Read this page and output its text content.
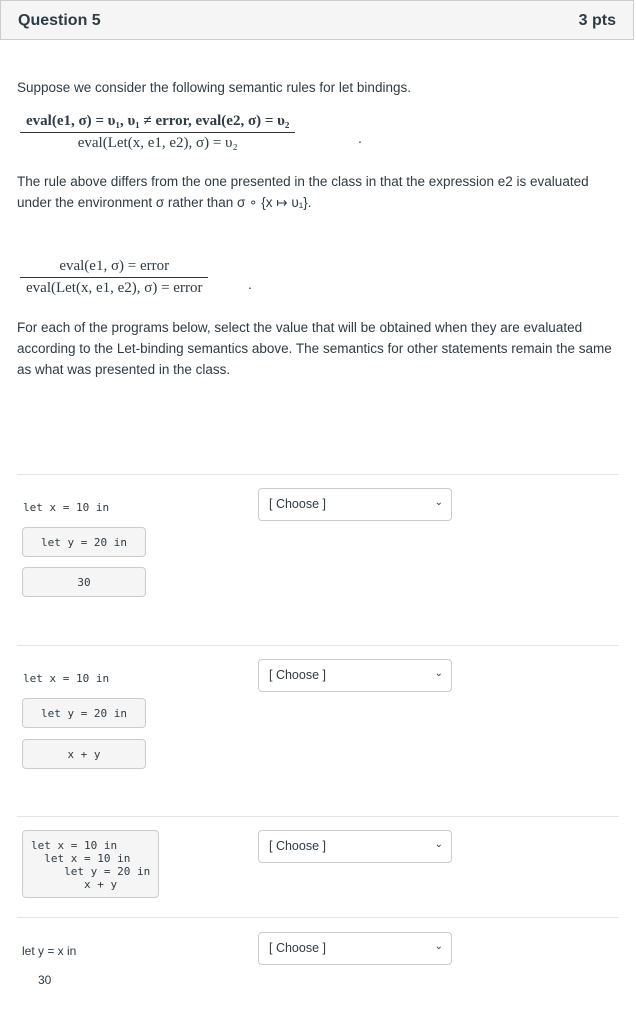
Question 5	3 pts
Suppose we consider the following semantic rules for let bindings.
eval(e1, σ) = υ₁, υ₁ ≠ error, eval(e2, σ) = υ₂
eval(Let(x, e1, e2), σ) = υ₂	.
The rule above differs from the one presented in the class in that the expression e2 is evaluated under the environment σ rather than σ ∘ {x ↦ υ₁}.
eval(e1, σ) = error
eval(Let(x, e1, e2), σ) = error	.
For each of the programs below, select the value that will be obtained when they are evaluated according to the Let-binding semantics above. The semantics for other statements remain the same as what was presented in the class.
let x = 10 in
let y = 20 in
30
[ Choose ]	⌄
let x = 10 in
let y = 20 in
x + y
[ Choose ]	⌄
let x = 10 in
let x = 10 in
let y = 20 in
x + y
[ Choose ]	⌄
let y = x in
30
[ Choose ]	⌄
